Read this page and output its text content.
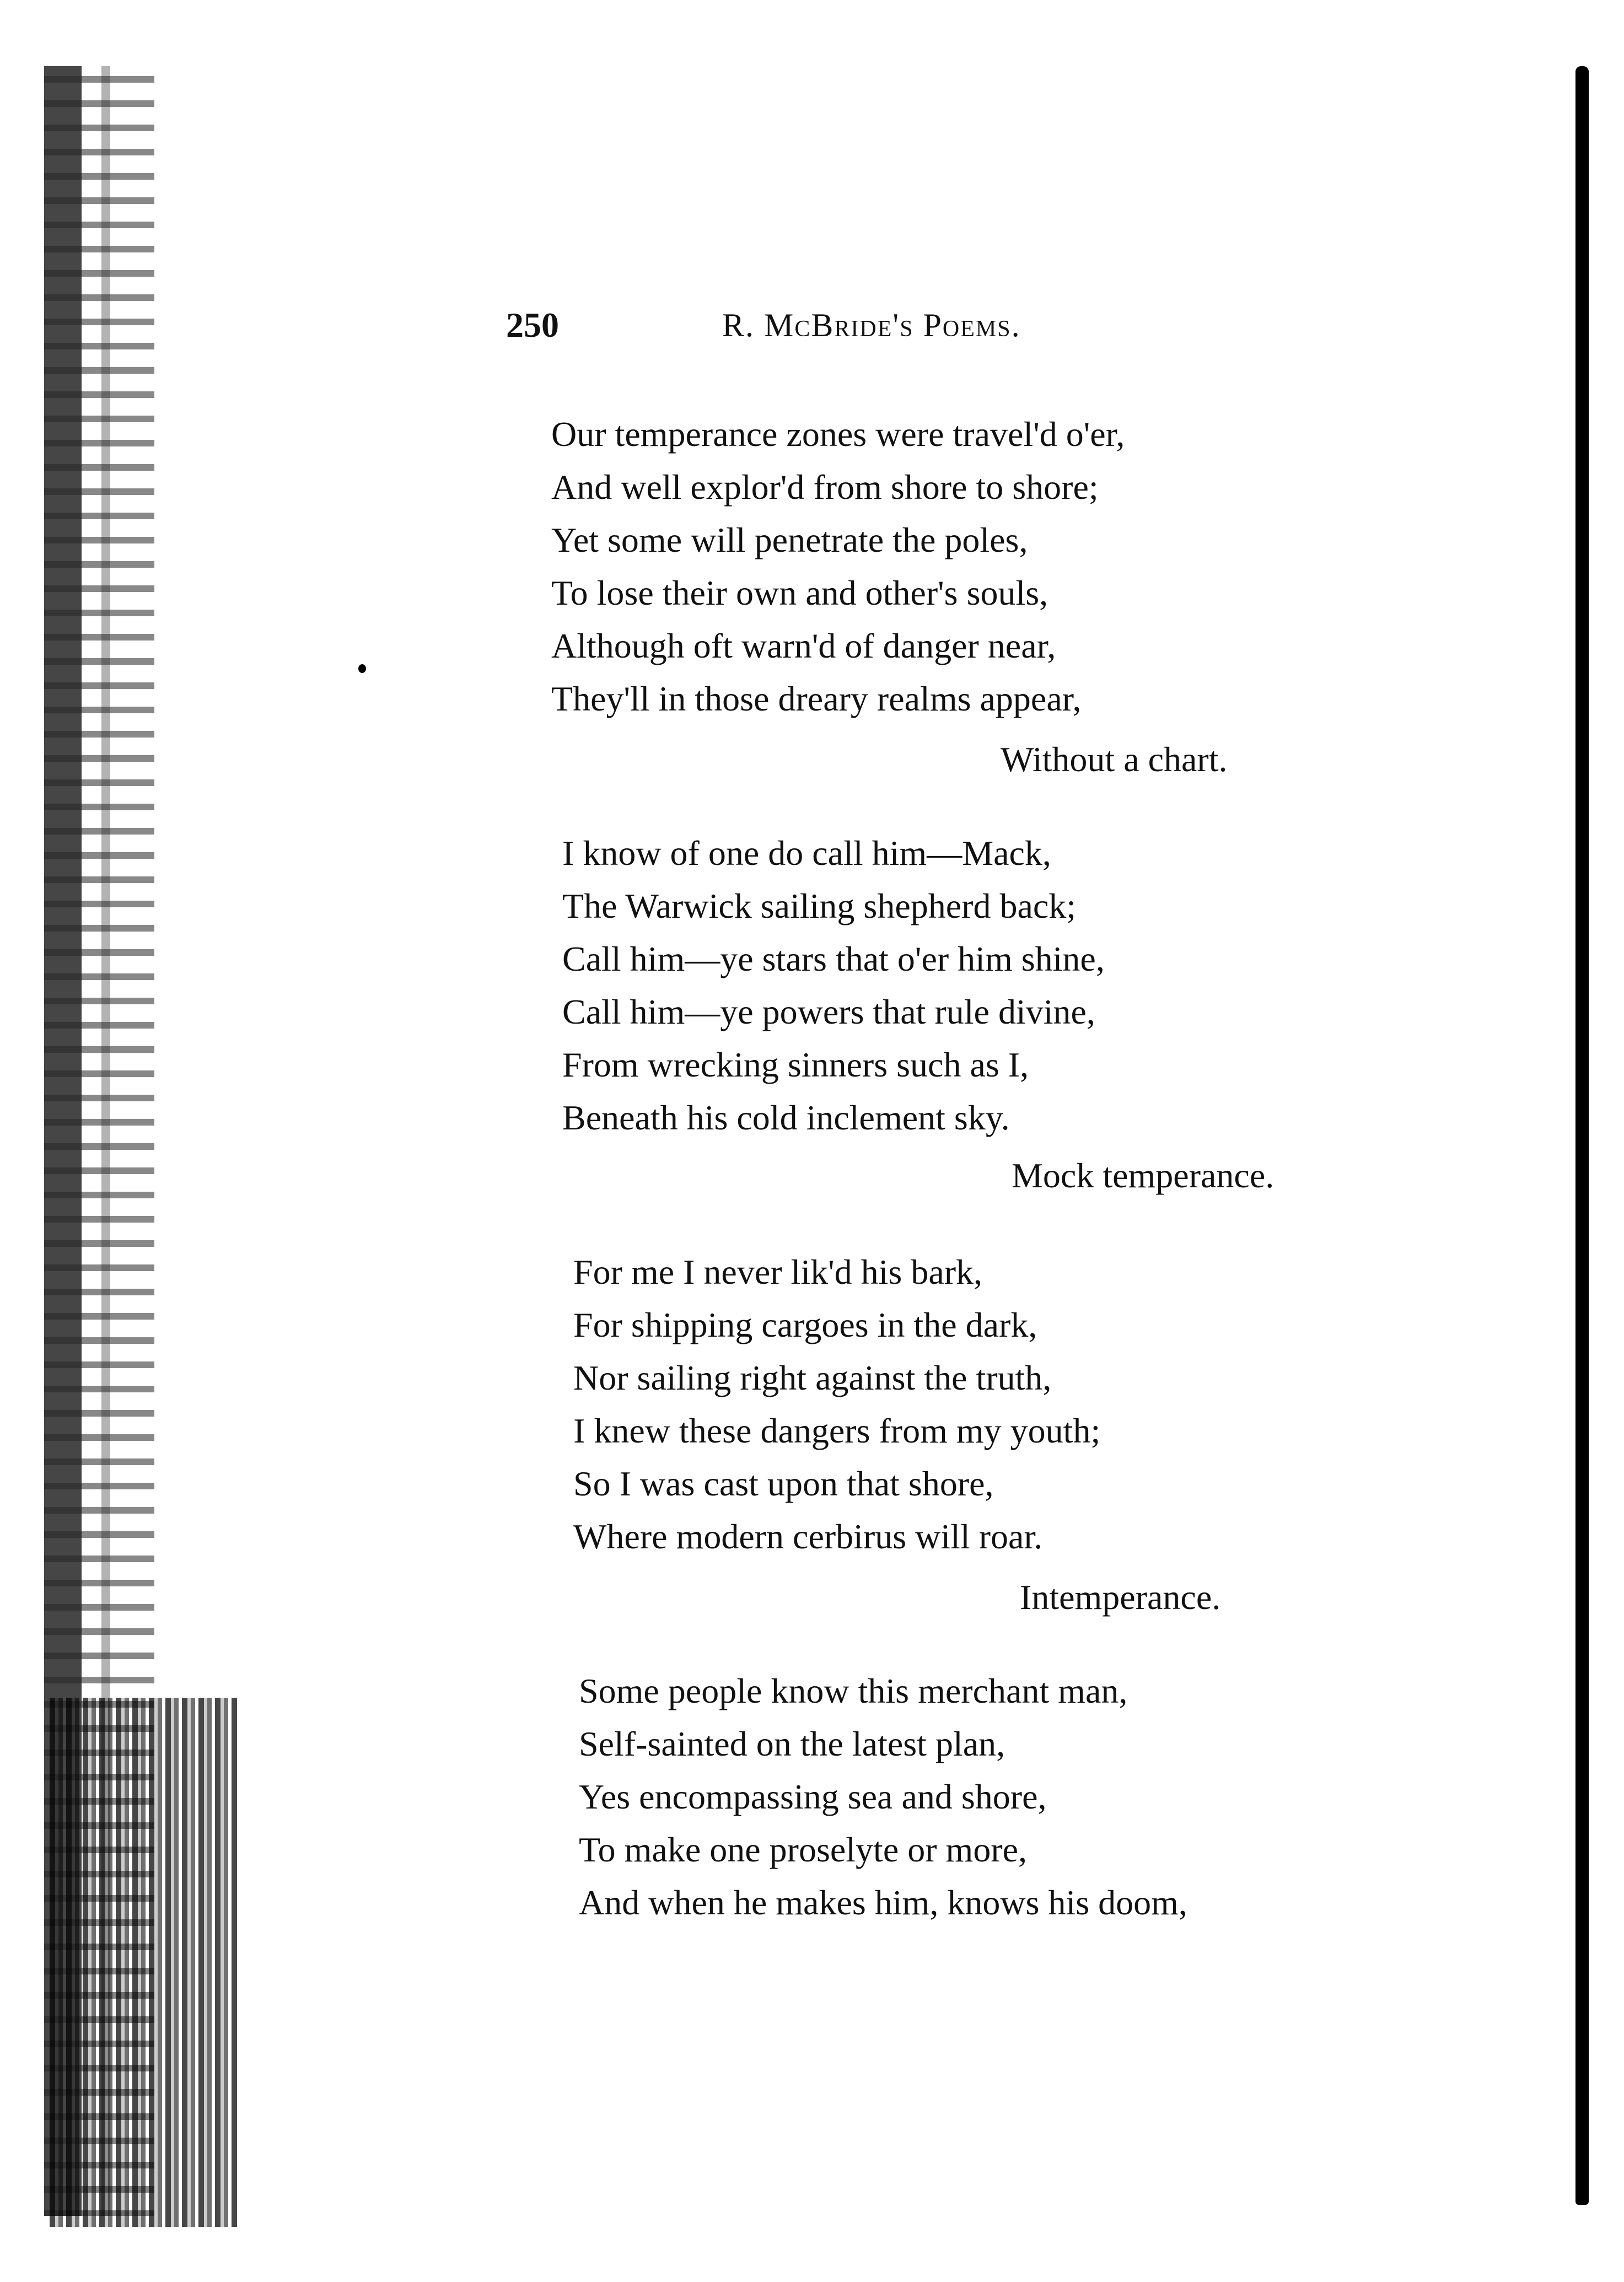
250	R. McBride's Poems.
Our temperance zones were travel'd o'er,
And well explor'd from shore to shore;
Yet some will penetrate the poles,
To lose their own and other's souls,
Although oft warn'd of danger near,
They'll in those dreary realms appear,
Without a chart.
I know of one do call him—Mack,
The Warwick sailing shepherd back;
Call him—ye stars that o'er him shine,
Call him—ye powers that rule divine,
From wrecking sinners such as I,
Beneath his cold inclement sky.
Mock temperance.
For me I never lik'd his bark,
For shipping cargoes in the dark,
Nor sailing right against the truth,
I knew these dangers from my youth;
So I was cast upon that shore,
Where modern cerbirus will roar.
Intemperance.
Some people know this merchant man,
Self-sainted on the latest plan,
Yes encompassing sea and shore,
To make one proselyte or more,
And when he makes him, knows his doom,
